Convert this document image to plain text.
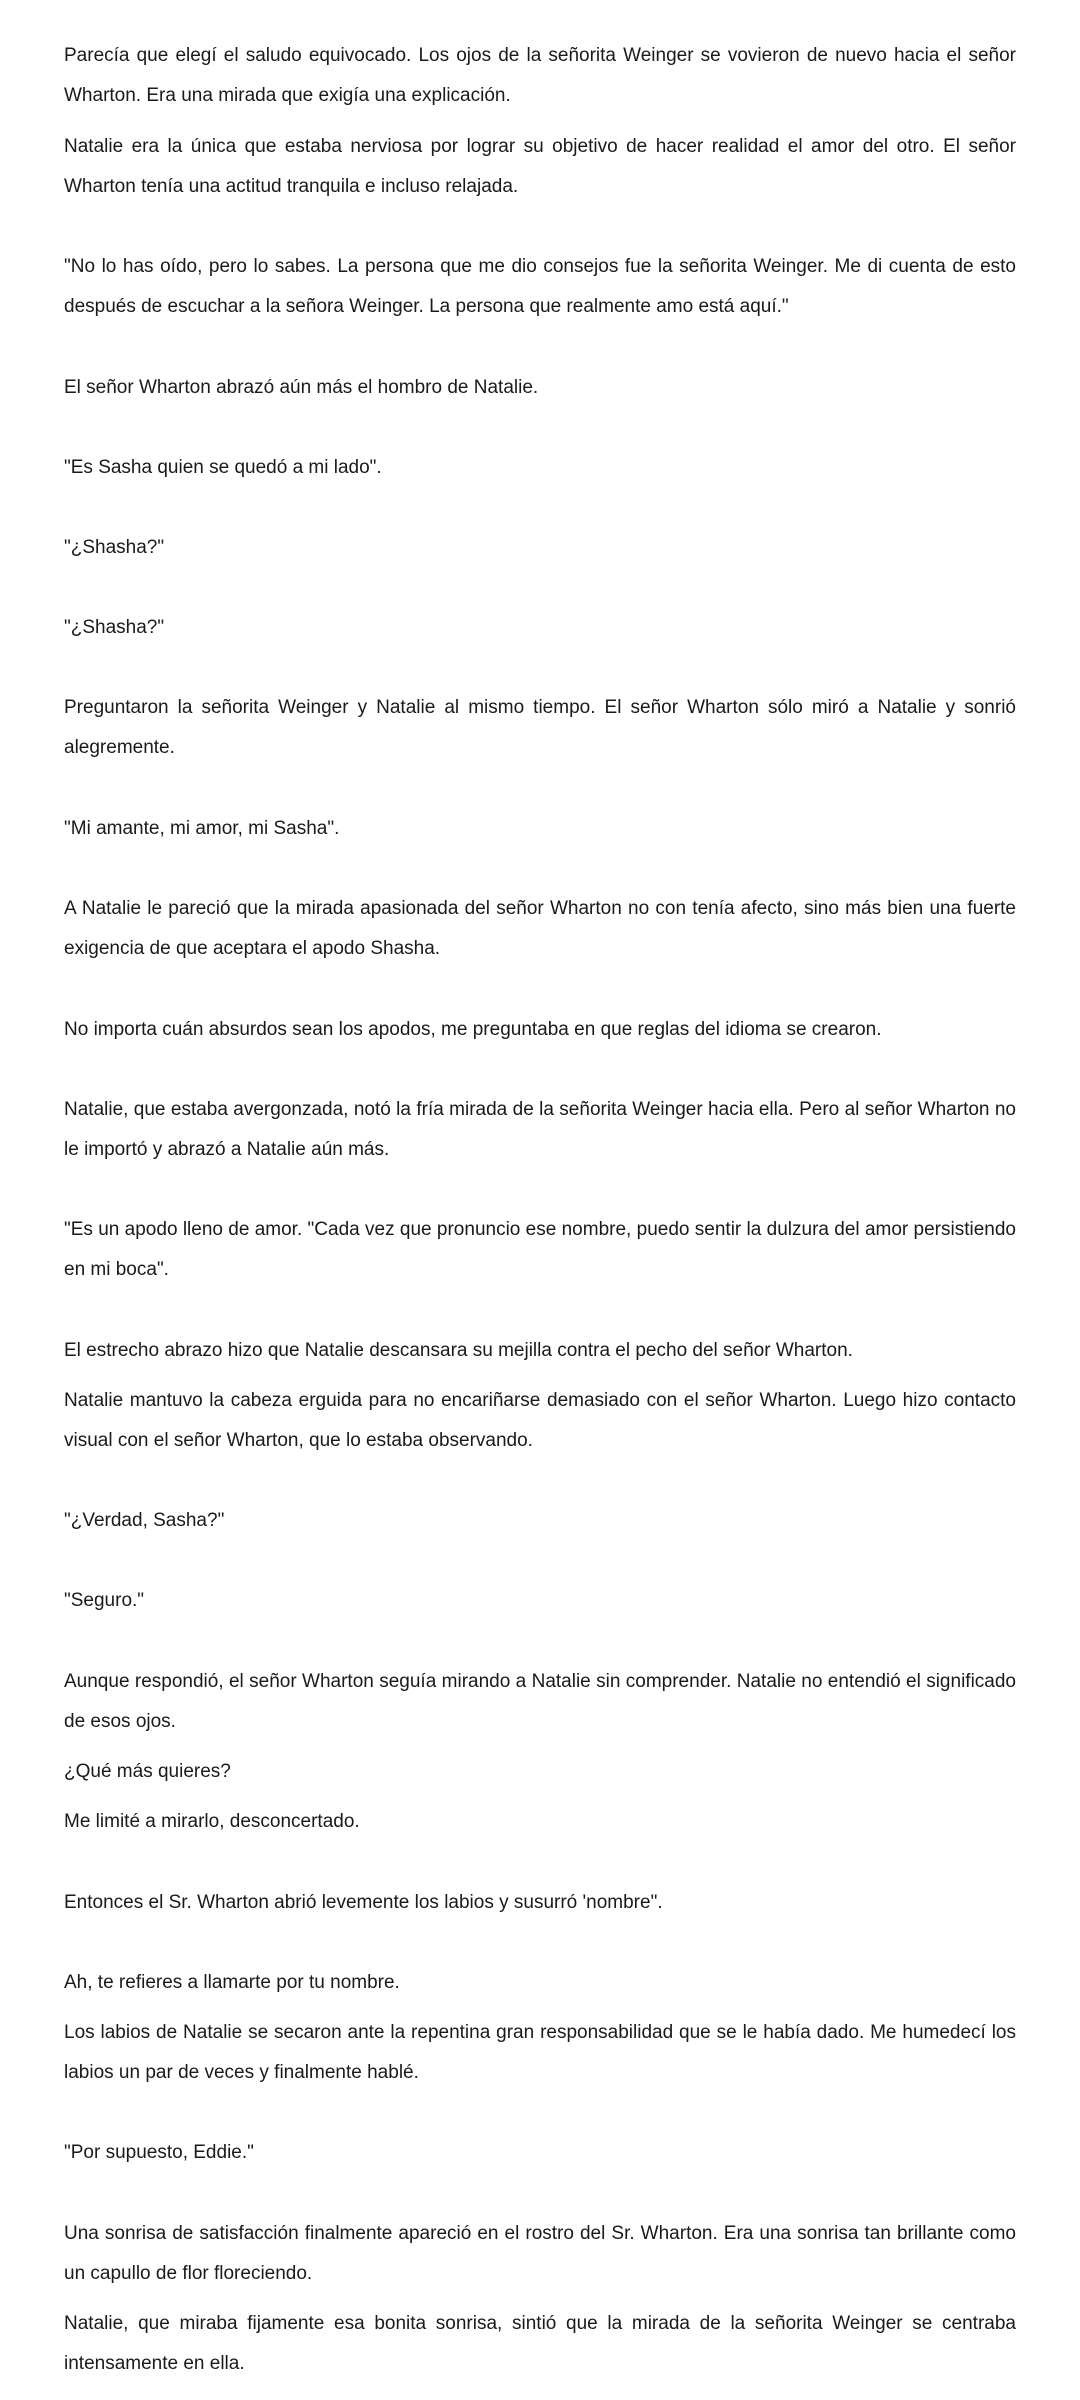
Parecía que elegí el saludo equivocado. Los ojos de la señorita Weinger se vovieron de nuevo hacia el señor Wharton. Era una mirada que exigía una explicación.

Natalie era la única que estaba nerviosa por lograr su objetivo de hacer realidad el amor del otro. El señor Wharton tenía una actitud tranquila e incluso relajada.

"No lo has oído, pero lo sabes. La persona que me dio consejos fue la señorita Weinger. Me di cuenta de esto después de escuchar a la señora Weinger. La persona que realmente amo está aquí."

El señor Wharton abrazó aún más el hombro de Natalie.

"Es Sasha quien se quedó a mi lado".

"¿Shasha?"

"¿Shasha?"

Preguntaron la señorita Weinger y Natalie al mismo tiempo. El señor Wharton sólo miró a Natalie y sonrió alegremente.

"Mi amante, mi amor, mi Sasha".

A Natalie le pareció que la mirada apasionada del señor Wharton no con tenía afecto, sino más bien una fuerte exigencia de que aceptara el apodo Shasha.

No importa cuán absurdos sean los apodos, me preguntaba en que reglas del idioma se crearon.

Natalie, que estaba avergonzada, notó la fría mirada de la señorita Weinger hacia ella. Pero al señor Wharton no le importó y abrazó a Natalie aún más.

"Es un apodo lleno de amor. "Cada vez que pronuncio ese nombre, puedo sentir la dulzura del amor persistiendo en mi boca".

El estrecho abrazo hizo que Natalie descansara su mejilla contra el pecho del señor Wharton.

Natalie mantuvo la cabeza erguida para no encariñarse demasiado con el señor Wharton. Luego hizo contacto visual con el señor Wharton, que lo estaba observando.

"¿Verdad, Sasha?"

"Seguro."

Aunque respondió, el señor Wharton seguía mirando a Natalie sin comprender. Natalie no entendió el significado de esos ojos.

¿Qué más quieres?

Me limité a mirarlo, desconcertado.

Entonces el Sr. Wharton abrió levemente los labios y susurró 'nombre".

Ah, te refieres a llamarte por tu nombre.

Los labios de Natalie se secaron ante la repentina gran responsabilidad que se le había dado. Me humedecí los labios un par de veces y finalmente hablé.

"Por supuesto, Eddie."

Una sonrisa de satisfacción finalmente apareció en el rostro del Sr. Wharton. Era una sonrisa tan brillante como un capullo de flor floreciendo.

Natalie, que miraba fijamente esa bonita sonrisa, sintió que la mirada de la señorita Weinger se centraba intensamente en ella.
